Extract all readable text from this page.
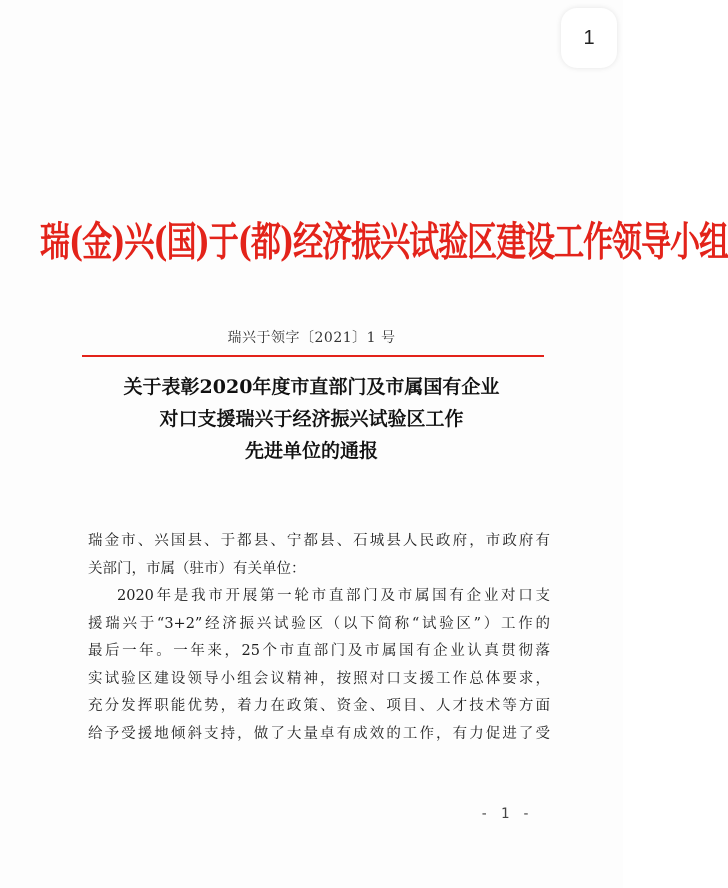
1
瑞(金)兴(国)于(都)经济振兴试验区建设工作领导小组
瑞兴于领字〔2021〕1 号
关于表彰2020年度市直部门及市属国有企业
对口支援瑞兴于经济振兴试验区工作
先进单位的通报
瑞金市、兴国县、于都县、宁都县、石城县人民政府，市政府有
关部门，市属（驻市）有关单位：
2020年是我市开展第一轮市直部门及市属国有企业对口支
援瑞兴于“3+2”经济振兴试验区（以下简称“试验区”）工作的
最后一年。一年来，25个市直部门及市属国有企业认真贯彻落
实试验区建设领导小组会议精神，按照对口支援工作总体要求，
充分发挥职能优势，着力在政策、资金、项目、人才技术等方面
给予受援地倾斜支持，做了大量卓有成效的工作，有力促进了受
- 1 -
